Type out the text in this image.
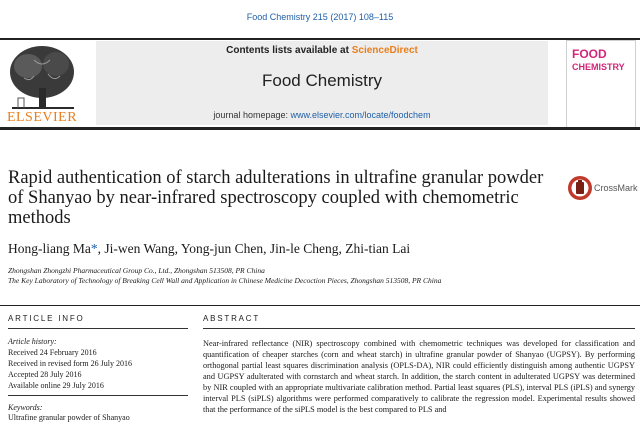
Food Chemistry 215 (2017) 108–115
Contents lists available at ScienceDirect
Food Chemistry
journal homepage: www.elsevier.com/locate/foodchem
ELSEVIER
FOOD
CHEMISTRY
Rapid authentication of starch adulterations in ultrafine granular powder of Shanyao by near-infrared spectroscopy coupled with chemometric methods
CrossMark
Hong-liang Ma*, Ji-wen Wang, Yong-jun Chen, Jin-le Cheng, Zhi-tian Lai
Zhongshan Zhongzhi Pharmaceutical Group Co., Ltd., Zhongshan 513508, PR China
The Key Laboratory of Technology of Breaking Cell Wall and Application in Chinese Medicine Decoction Pieces, Zhongshan 513508, PR China
ARTICLE INFO
Article history:
Received 24 February 2016
Received in revised form 26 July 2016
Accepted 28 July 2016
Available online 29 July 2016
Keywords:
Ultrafine granular powder of Shanyao
ABSTRACT
Near-infrared reflectance (NIR) spectroscopy combined with chemometric techniques was developed for classification and quantification of cheaper starches (corn and wheat starch) in ultrafine granular powder of Shanyao (UGPSY). By performing orthogonal partial least squares discrimination analysis (OPLS-DA), NIR could efficiently distinguish among authentic UGPSY and UGPSY adulterated with cornstarch and wheat starch. In addition, the starch content in adulterated UGPSY was determined by NIR coupled with an appropriate multivariate calibration method. Partial least squares (PLS), interval PLS (iPLS) and synergy interval PLS (siPLS) algorithms were performed comparatively to calibrate the regression model. Experimental results showed that the performance of the siPLS model is the best compared to PLS and
